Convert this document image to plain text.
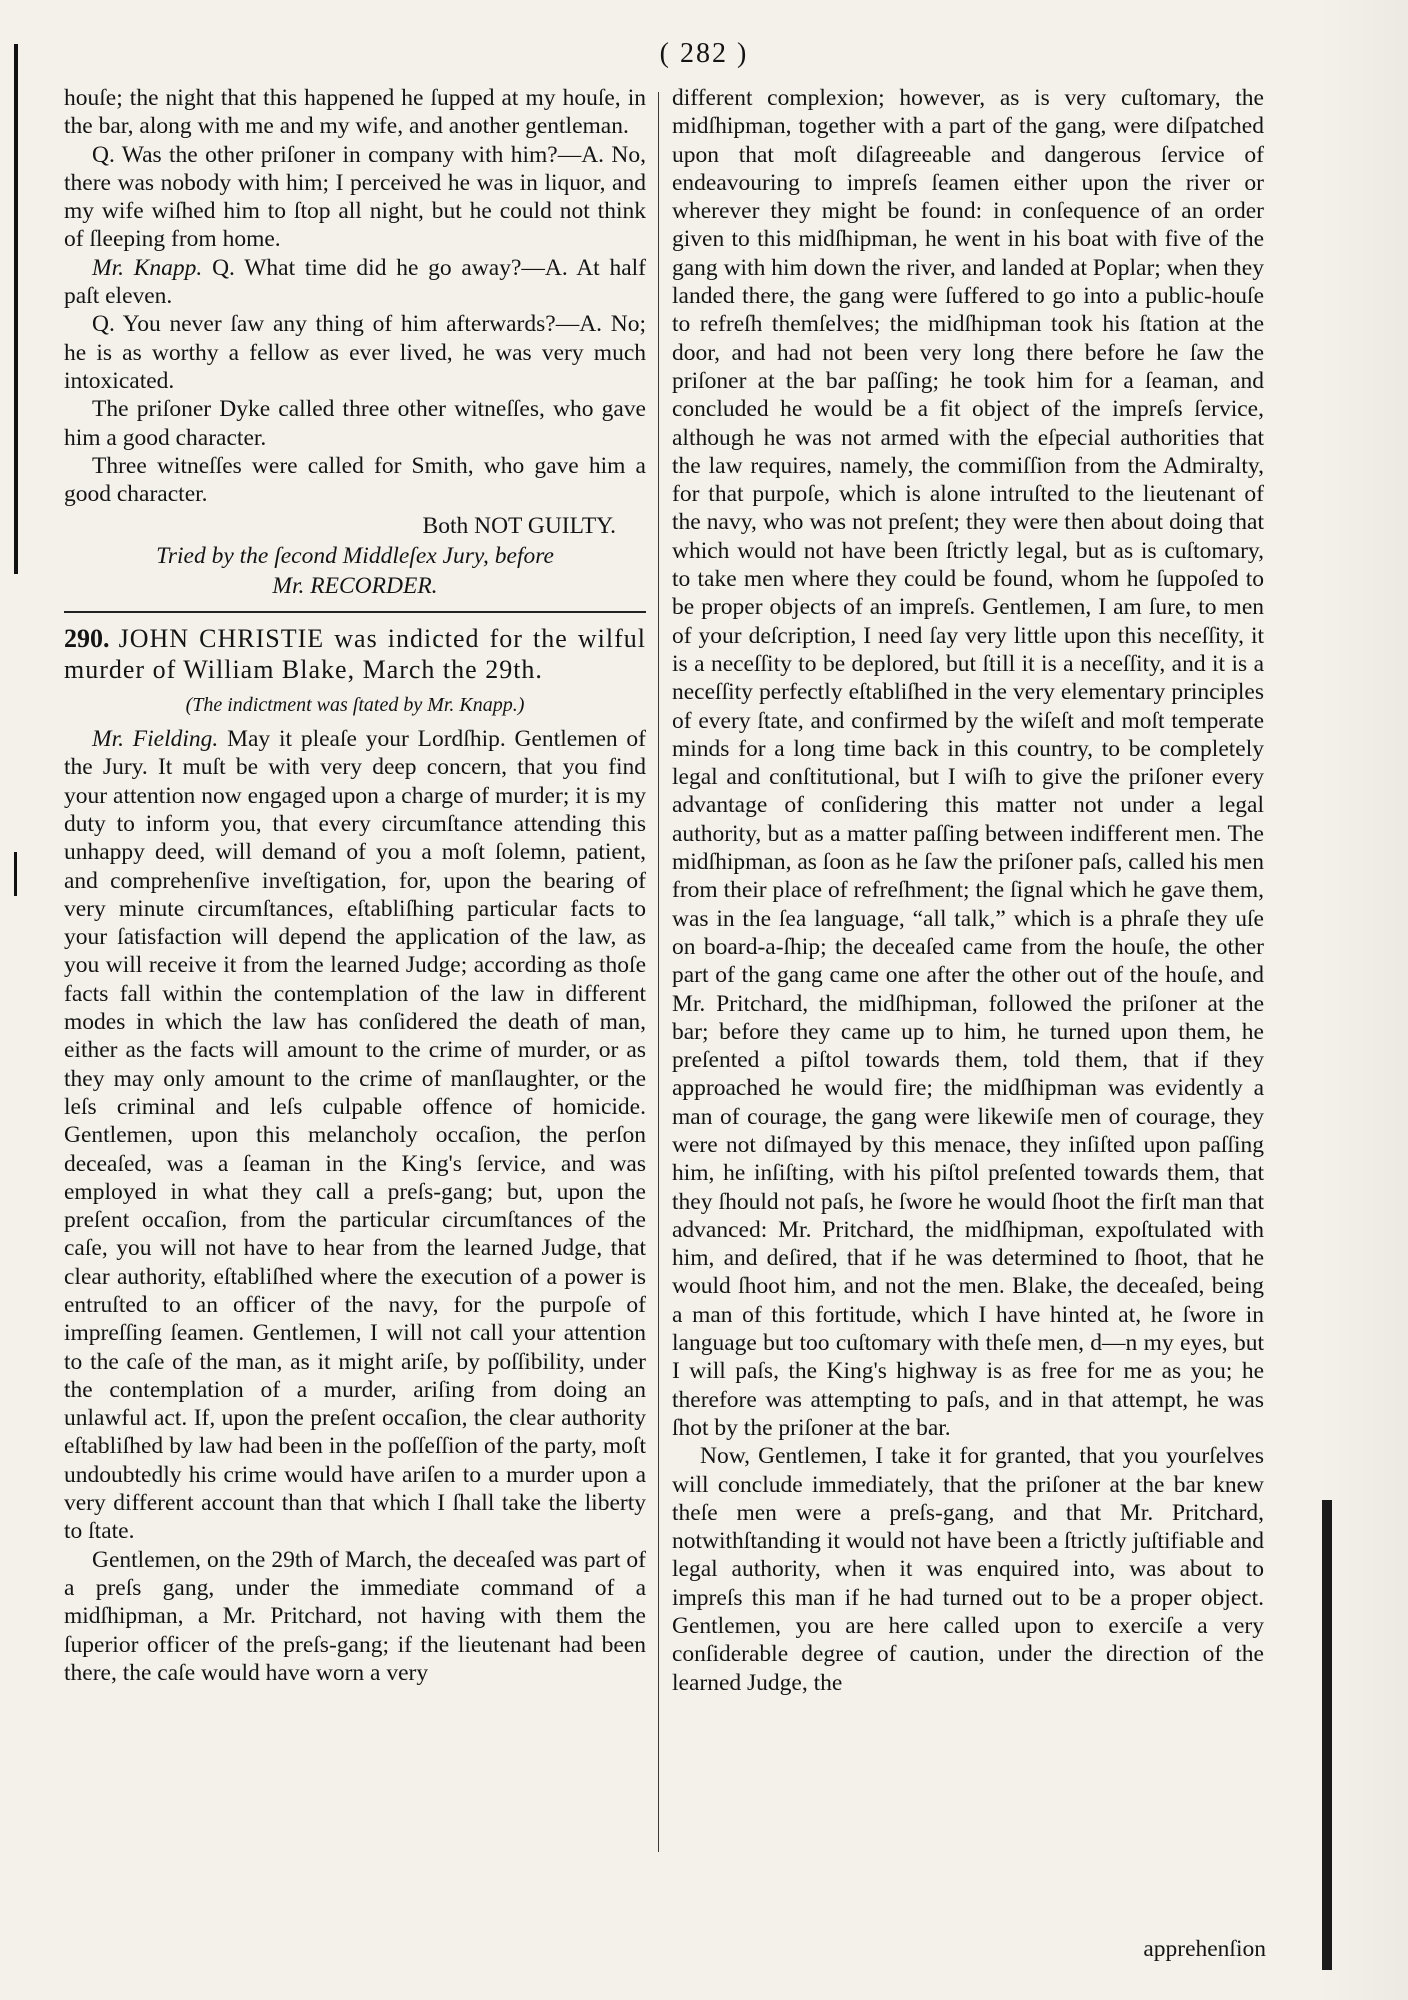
( 282 )

houſe; the night that this happened he ſupped at my houſe, in the bar, along with me and my wife, and another gentleman.

Q. Was the other priſoner in company with him?—A. No, there was nobody with him; I perceived he was in liquor, and my wife wiſhed him to ſtop all night, but he could not think of ſleeping from home.

Mr. Knapp. Q. What time did he go away?—A. At half paſt eleven.

Q. You never ſaw any thing of him afterwards?—A. No; he is as worthy a fellow as ever lived, he was very much intoxicated.

The priſoner Dyke called three other witneſſes, who gave him a good character.

Three witneſſes were called for Smith, who gave him a good character.

Both NOT GUILTY.

Tried by the ſecond Middleſex Jury, before

Mr. RECORDER.

290. JOHN CHRISTIE was indicted for the wilful murder of William Blake, March the 29th.

(The indictment was ſtated by Mr. Knapp.)

Mr. Fielding. May it pleaſe your Lordſhip. Gentlemen of the Jury. It muſt be with very deep concern, that you find your attention now engaged upon a charge of murder; it is my duty to inform you, that every circumſtance attending this unhappy deed, will demand of you a moſt ſolemn, patient, and comprehenſive inveſtigation, for, upon the bearing of very minute circumſtances, eſtabliſhing particular facts to your ſatisfaction will depend the application of the law, as you will receive it from the learned Judge; according as thoſe facts fall within the contemplation of the law in different modes in which the law has conſidered the death of man, either as the facts will amount to the crime of murder, or as they may only amount to the crime of manſlaughter, or the leſs criminal and leſs culpable offence of homicide. Gentlemen, upon this melancholy occaſion, the perſon deceaſed, was a ſeaman in the King's ſervice, and was employed in what they call a preſs-gang; but, upon the preſent occaſion, from the particular circumſtances of the caſe, you will not have to hear from the learned Judge, that clear authority, eſtabliſhed where the execution of a power is entruſted to an officer of the navy, for the purpoſe of impreſſing ſeamen. Gentlemen, I will not call your attention to the caſe of the man, as it might ariſe, by poſſibility, under the contemplation of a murder, ariſing from doing an unlawful act. If, upon the preſent occaſion, the clear authority eſtabliſhed by law had been in the poſſeſſion of the party, moſt undoubtedly his crime would have ariſen to a murder upon a very different account than that which I ſhall take the liberty to ſtate.

Gentlemen, on the 29th of March, the deceaſed was part of a preſs gang, under the immediate command of a midſhipman, a Mr. Pritchard, not having with them the ſuperior officer of the preſs-gang; if the lieutenant had been there, the caſe would have worn a very

different complexion; however, as is very cuſtomary, the midſhipman, together with a part of the gang, were diſpatched upon that moſt diſagreeable and dangerous ſervice of endeavouring to impreſs ſeamen either upon the river or wherever they might be found: in conſequence of an order given to this midſhipman, he went in his boat with five of the gang with him down the river, and landed at Poplar; when they landed there, the gang were ſuffered to go into a public-houſe to refreſh themſelves; the midſhipman took his ſtation at the door, and had not been very long there before he ſaw the priſoner at the bar paſſing; he took him for a ſeaman, and concluded he would be a fit object of the impreſs ſervice, although he was not armed with the eſpecial authorities that the law requires, namely, the commiſſion from the Admiralty, for that purpoſe, which is alone intruſted to the lieutenant of the navy, who was not preſent; they were then about doing that which would not have been ſtrictly legal, but as is cuſtomary, to take men where they could be found, whom he ſuppoſed to be proper objects of an impreſs. Gentlemen, I am ſure, to men of your deſcription, I need ſay very little upon this neceſſity, it is a neceſſity to be deplored, but ſtill it is a neceſſity, and it is a neceſſity perfectly eſtabliſhed in the very elementary principles of every ſtate, and confirmed by the wiſeſt and moſt temperate minds for a long time back in this country, to be completely legal and conſtitutional, but I wiſh to give the priſoner every advantage of conſidering this matter not under a legal authority, but as a matter paſſing between indifferent men. The midſhipman, as ſoon as he ſaw the priſoner paſs, called his men from their place of refreſhment; the ſignal which he gave them, was in the ſea language, “all talk,” which is a phraſe they uſe on board-a-ſhip; the deceaſed came from the houſe, the other part of the gang came one after the other out of the houſe, and Mr. Pritchard, the midſhipman, followed the priſoner at the bar; before they came up to him, he turned upon them, he preſented a piſtol towards them, told them, that if they approached he would fire; the midſhipman was evidently a man of courage, the gang were likewiſe men of courage, they were not diſmayed by this menace, they inſiſted upon paſſing him, he inſiſting, with his piſtol preſented towards them, that they ſhould not paſs, he ſwore he would ſhoot the firſt man that advanced: Mr. Pritchard, the midſhipman, expoſtulated with him, and deſired, that if he was determined to ſhoot, that he would ſhoot him, and not the men. Blake, the deceaſed, being a man of this fortitude, which I have hinted at, he ſwore in language but too cuſtomary with theſe men, d—n my eyes, but I will paſs, the King's highway is as free for me as you; he therefore was attempting to paſs, and in that attempt, he was ſhot by the priſoner at the bar.

Now, Gentlemen, I take it for granted, that you yourſelves will conclude immediately, that the priſoner at the bar knew theſe men were a preſs-gang, and that Mr. Pritchard, notwithſtanding it would not have been a ſtrictly juſtifiable and legal authority, when it was enquired into, was about to impreſs this man if he had turned out to be a proper object. Gentlemen, you are here called upon to exerciſe a very conſiderable degree of caution, under the direction of the learned Judge, the

apprehenſion
